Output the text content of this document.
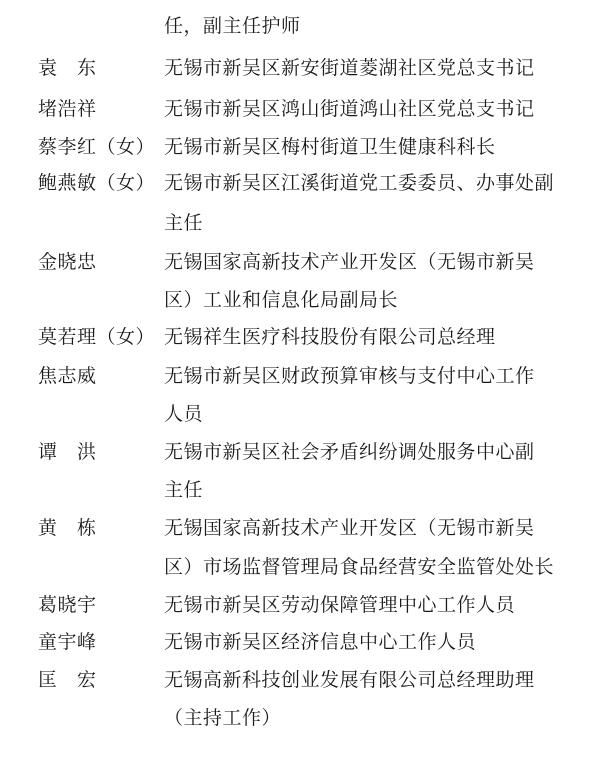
任，副主任护师
袁　东	无锡市新吴区新安街道菱湖社区党总支书记
堵浩祥	无锡市新吴区鸿山街道鸿山社区党总支书记
蔡李红（女） 无锡市新吴区梅村街道卫生健康科科长
鲍燕敏（女） 无锡市新吴区江溪街道党工委委员、办事处副
主任
金晓忠	无锡国家高新技术产业开发区（无锡市新吴
区）工业和信息化局副局长
莫若理（女） 无锡祥生医疗科技股份有限公司总经理
焦志威	无锡市新吴区财政预算审核与支付中心工作
人员
谭　洪	无锡市新吴区社会矛盾纠纷调处服务中心副
主任
黄　栋	无锡国家高新技术产业开发区（无锡市新吴
区）市场监督管理局食品经营安全监管处处长
葛晓宇	无锡市新吴区劳动保障管理中心工作人员
童宇峰	无锡市新吴区经济信息中心工作人员
匡　宏	无锡高新科技创业发展有限公司总经理助理
（主持工作）
